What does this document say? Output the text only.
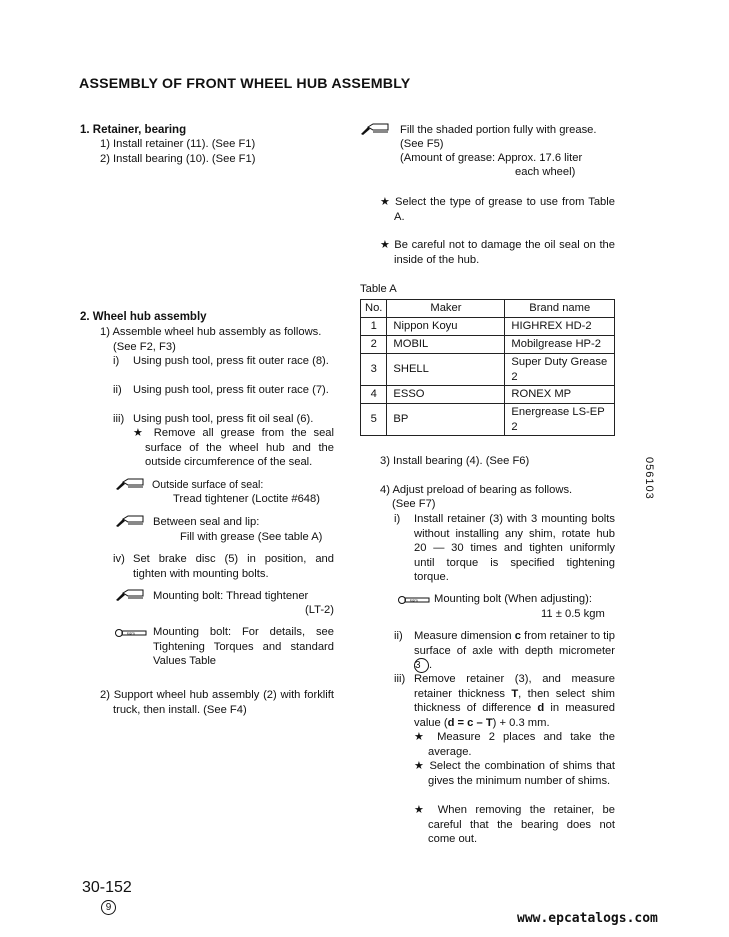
ASSEMBLY OF FRONT WHEEL HUB ASSEMBLY
1. Retainer, bearing
1) Install retainer (11). (See F1)
2) Install bearing (10). (See F1)
2. Wheel hub assembly
1) Assemble wheel hub assembly as follows.
(See F2, F3)
i) Using push tool, press fit outer race (8).
ii) Using push tool, press fit outer race (7).
iii) Using push tool, press fit oil seal (6).
★ Remove all grease from the seal surface of the wheel hub and the outside circumference of the seal.
Outside surface of seal:
Tread tightener (Loctite #648)
Between seal and lip:
Fill with grease (See table A)
iv) Set brake disc (5) in position, and tighten with mounting bolts.
Mounting bolt: Thread tightener
(LT-2)
kgm Mounting bolt: For details, see Tightening Torques and standard Values Table
2) Support wheel hub assembly (2) with forklift truck, then install. (See F4)
Fill the shaded portion fully with grease.
(See F5)
(Amount of grease: Approx. 17.6 liter
each wheel)
★ Select the type of grease to use from Table A.
★ Be careful not to damage the oil seal on the inside of the hub.
Table A
No.	Maker	Brand name
1	Nippon Koyu	HIGHREX HD-2
2	MOBIL	Mobilgrease HP-2
3	SHELL	Super Duty Grease 2
4	ESSO	RONEX MP
5	BP	Energrease LS-EP 2
3) Install bearing (4). (See F6)
4) Adjust preload of bearing as follows.
(See F7)
i) Install retainer (3) with 3 mounting bolts without installing any shim, rotate hub 20 — 30 times and tighten uniformly until torque is specified tightening torque.
kgm Mounting bolt (When adjusting):
11 ± 0.5 kgm
ii) Measure dimension c from retainer to tip surface of axle with depth micrometer 3 .
iii) Remove retainer (3), and measure retainer thickness T, then select shim thickness of difference d in measured value (d = c – T) + 0.3 mm.
★ Measure 2 places and take the average.
★ Select the combination of shims that gives the minimum number of shims.
★ When removing the retainer, be careful that the bearing does not come out.
056103
30-152
9
www.epcatalogs.com
